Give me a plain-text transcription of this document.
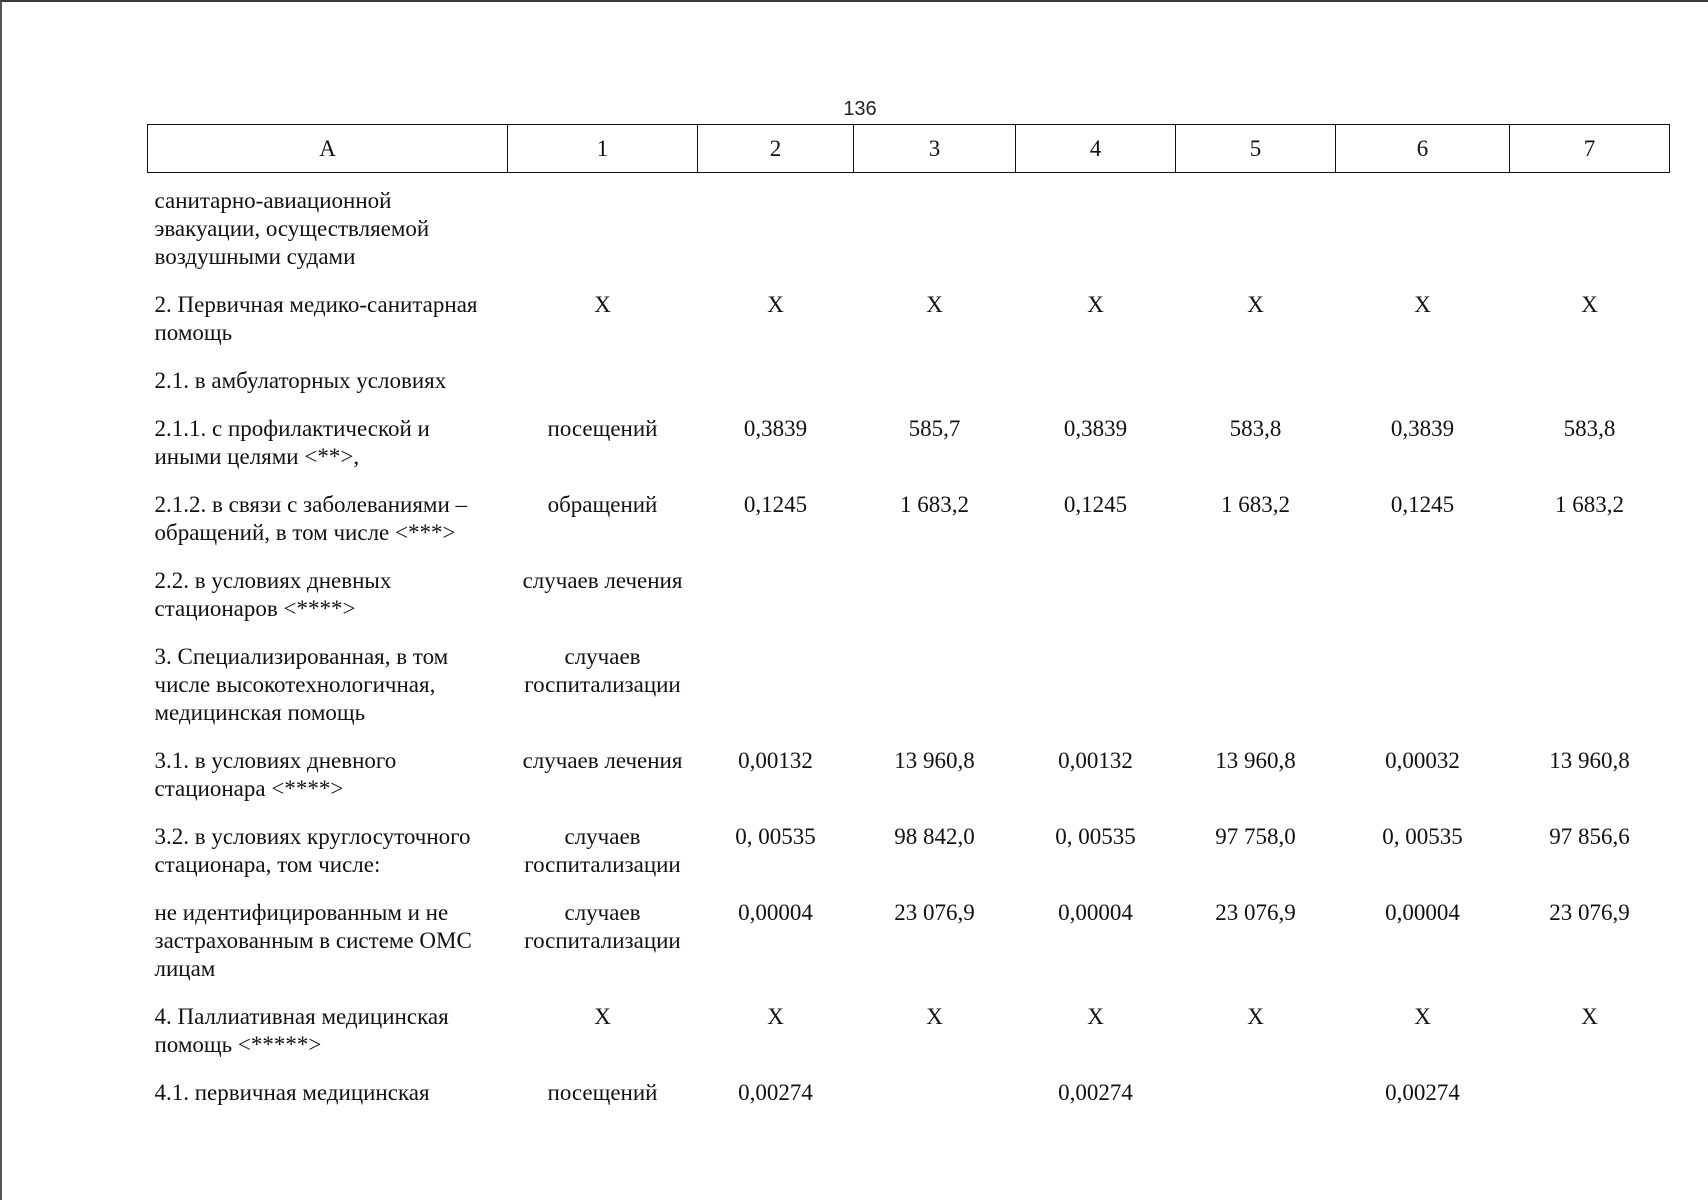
136
А	1	2	3	4	5	6	7

санитарно-авиационной эвакуации, осуществляемой воздушными судами							
2. Первичная медико-санитарная помощь	Х	Х	Х	Х	Х	Х	Х
2.1. в амбулаторных условиях							
2.1.1. с профилактической и иными целями <**>,	посещений	0,3839	585,7	0,3839	583,8	0,3839	583,8
2.1.2. в связи с заболеваниями – обращений, в том числе <***>	обращений	0,1245	1 683,2	0,1245	1 683,2	0,1245	1 683,2
2.2. в условиях дневных стационаров <****>	случаев лечения						
3. Специализированная, в том числе высокотехнологичная, медицинская помощь	случаев госпитализации						
3.1. в условиях дневного стационара <****>	случаев лечения	0,00132	13 960,8	0,00132	13 960,8	0,00032	13 960,8
3.2. в условиях круглосуточного стационара, том числе:	случаев госпитализации	0, 00535	98 842,0	0, 00535	97 758,0	0, 00535	97 856,6
не идентифицированным и не застрахованным в системе ОМС лицам	случаев госпитализации	0,00004	23 076,9	0,00004	23 076,9	0,00004	23 076,9
4. Паллиативная медицинская помощь <*****>	Х	Х	Х	Х	Х	Х	Х
4.1. первичная медицинская	посещений	0,00274		0,00274		0,00274	
